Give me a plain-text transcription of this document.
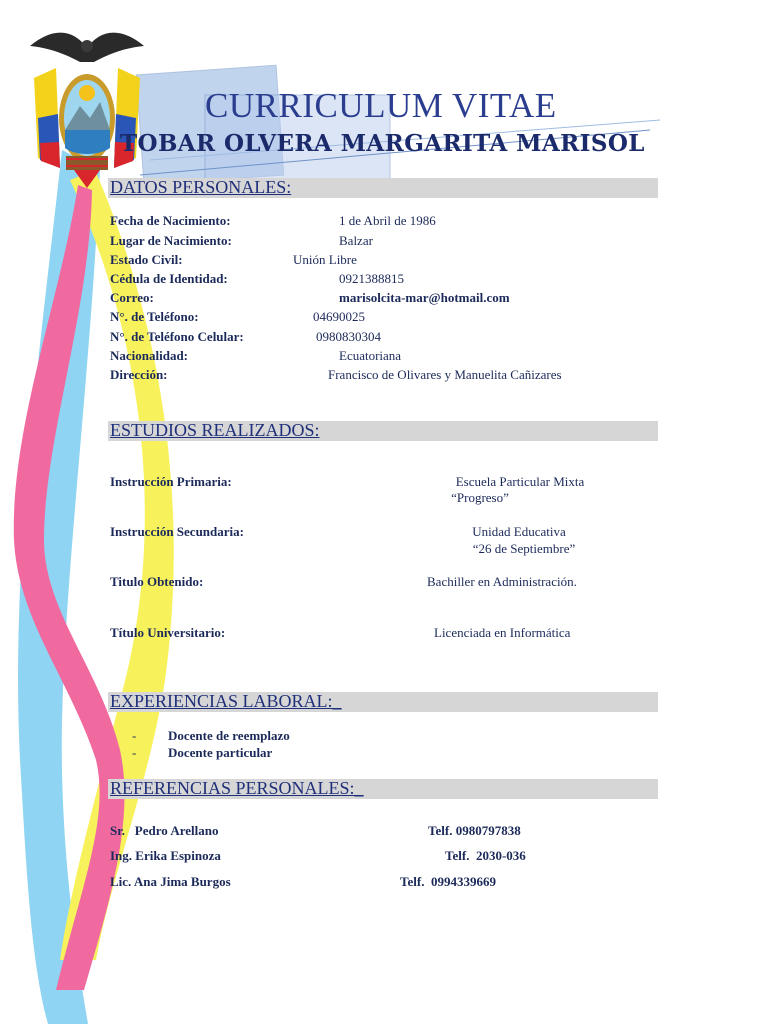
CURRICULUM VITAE
TOBAR OLVERA MARGARITA MARISOL
DATOS PERSONALES:
Fecha de Nacimiento:	1 de Abril de 1986
Lugar de Nacimiento:	Balzar
Estado Civil:	Unión Libre
Cédula de Identidad:	0921388815
Correo:	marisolcita-mar@hotmail.com
N°. de Teléfono:	04690025
N°. de Teléfono Celular:	0980830304
Nacionalidad:	Ecuatoriana
Dirección:	Francisco de Olivares y Manuelita Cañizares
ESTUDIOS REALIZADOS:
Instrucción Primaria:	Escuela Particular Mixta
“Progreso”
Instrucción Secundaria:	Unidad Educativa
“26 de Septiembre”
Titulo Obtenido:	Bachiller en Administración.
Título Universitario:	Licenciada en Informática
EXPERIENCIAS LABORAL:_
- Docente de reemplazo
- Docente particular
REFERENCIAS PERSONALES:_
Sr.   Pedro Arellano	Telf. 0980797838
Ing. Erika Espinoza	Telf.  2030-036
Lic. Ana Jima Burgos	Telf.  0994339669
